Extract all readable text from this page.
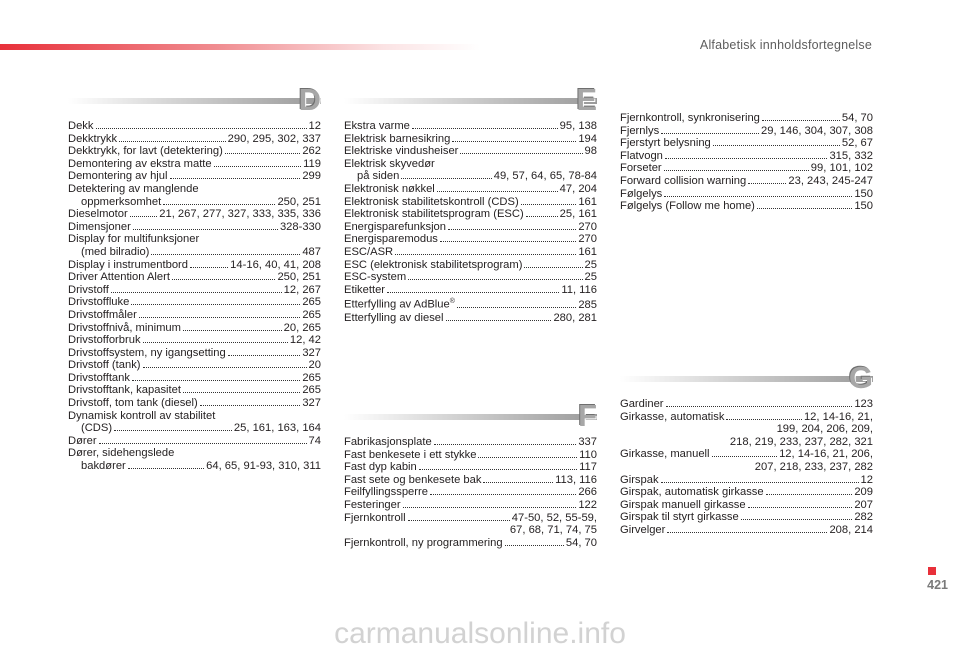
Alfabetisk innholdsfortegnelse
D
Dekk	12
Dekktrykk	290, 295, 302, 337
Dekktrykk, for lavt (detektering)	262
Demontering av ekstra matte	119
Demontering av hjul	299
Detektering av manglende
oppmerksomhet	250, 251
Dieselmotor	21, 267, 277, 327, 333, 335, 336
Dimensjoner	328-330
Display for multifunksjoner
(med bilradio)	487
Display i instrumentbord	14-16, 40, 41, 208
Driver Attention Alert	250, 251
Drivstoff	12, 267
Drivstoffluke	265
Drivstoffmåler	265
Drivstoffnivå, minimum	20, 265
Drivstofforbruk	12, 42
Drivstoffsystem, ny igangsetting	327
Drivstoff (tank)	20
Drivstofftank	265
Drivstofftank, kapasitet	265
Drivstoff, tom tank (diesel)	327
Dynamisk kontroll av stabilitet
(CDS)	25, 161, 163, 164
Dører	74
Dører, sidehengslede
bakdører	64, 65, 91-93, 310, 311
E
Ekstra varme	95, 138
Elektrisk barnesikring	194
Elektriske vindusheiser	98
Elektrisk skyvedør
på siden	49, 57, 64, 65, 78-84
Elektronisk nøkkel	47, 204
Elektronisk stabilitetskontroll (CDS)	161
Elektronisk stabilitetsprogram (ESC)	25, 161
Energisparefunksjon	270
Energisparemodus	270
ESC/ASR	161
ESC (elektronisk stabilitetsprogram)	25
ESC-system	25
Etiketter	11, 116
Etterfylling av AdBlue®	285
Etterfylling av diesel	280, 281
F
Fabrikasjonsplate	337
Fast benkesete i ett stykke	110
Fast dyp kabin	117
Fast sete og benkesete bak	113, 116
Feilfyllingssperre	266
Festeringer	122
Fjernkontroll	47-50, 52, 55-59,
67, 68, 71, 74, 75
Fjernkontroll, ny programmering	54, 70
Fjernkontroll, synkronisering	54, 70
Fjernlys	29, 146, 304, 307, 308
Fjerstyrt belysning	52, 67
Flatvogn	315, 332
Forseter	99, 101, 102
Forward collision warning	23, 243, 245-247
Følgelys	150
Følgelys (Follow me home)	150
G
Gardiner	123
Girkasse, automatisk	12, 14-16, 21,
199, 204, 206, 209,
218, 219, 233, 237, 282, 321
Girkasse, manuell	12, 14-16, 21, 206,
207, 218, 233, 237, 282
Girspak	12
Girspak, automatisk girkasse	209
Girspak manuell girkasse	207
Girspak til styrt girkasse	282
Girvelger	208, 214
421
carmanualsonline.info
